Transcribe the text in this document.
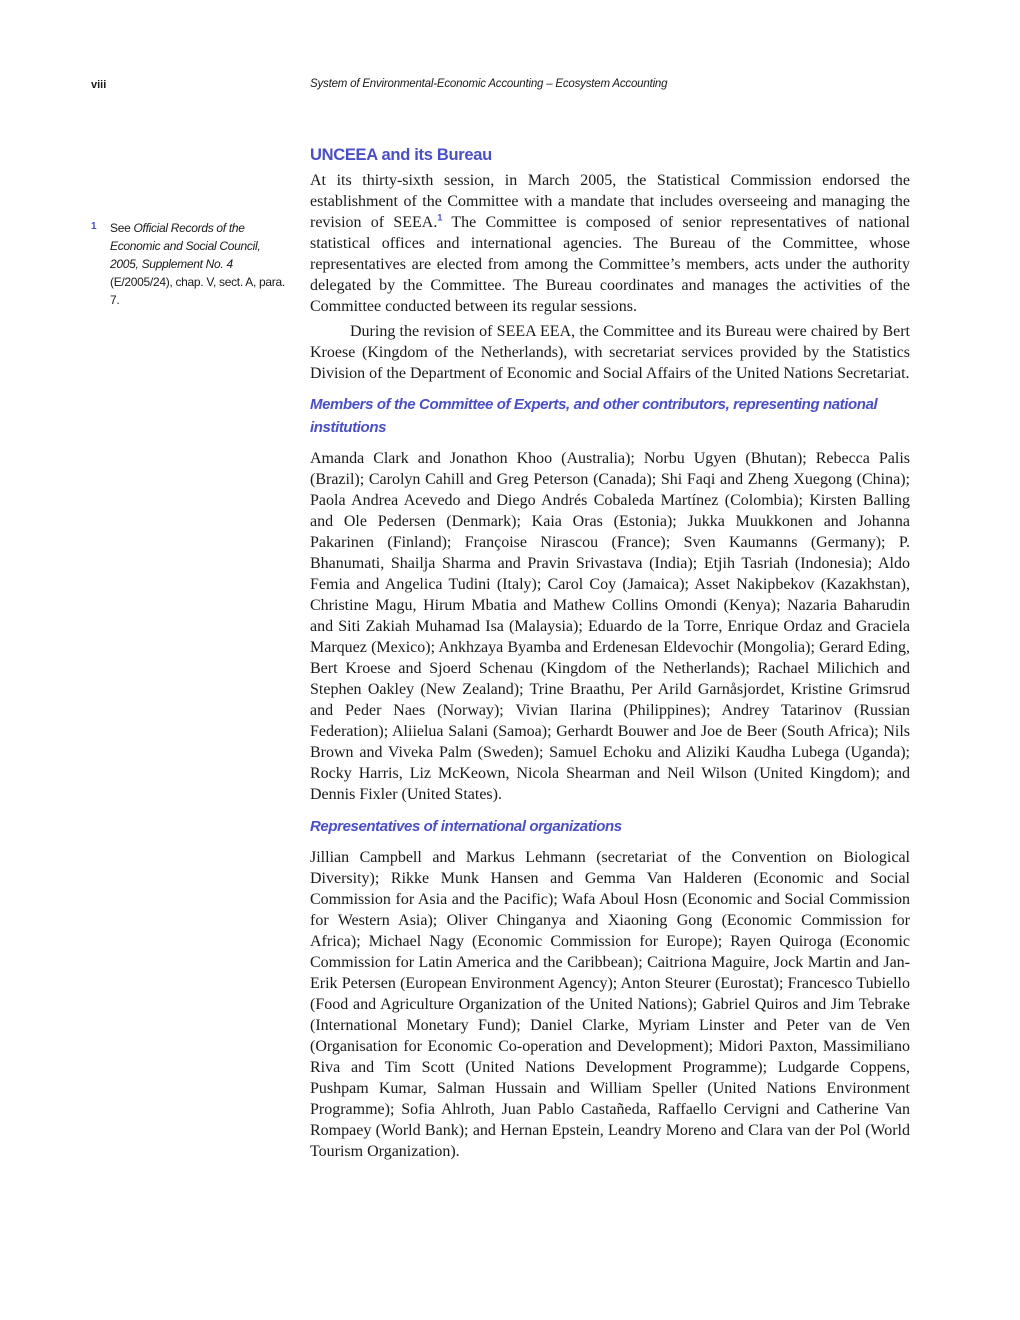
viii	System of Environmental-Economic Accounting – Ecosystem Accounting
1 See Official Records of the Economic and Social Council, 2005, Supplement No. 4 (E/2005/24), chap. V, sect. A, para. 7.
UNCEEA and its Bureau

At its thirty-sixth session, in March 2005, the Statistical Commission endorsed the establishment of the Committee with a mandate that includes overseeing and managing the revision of SEEA.$^1$ The Committee is composed of senior representatives of national statistical offices and international agencies. The Bureau of the Committee, whose representatives are elected from among the Committee’s members, acts under the authority delegated by the Committee. The Bureau coordinates and manages the activities of the Committee conducted between its regular sessions.

During the revision of SEEA EEA, the Committee and its Bureau were chaired by Bert Kroese (Kingdom of the Netherlands), with secretariat services provided by the Statistics Division of the Department of Economic and Social Affairs of the United Nations Secretariat.

Members of the Committee of Experts, and other contributors, representing national institutions

Amanda Clark and Jonathon Khoo (Australia); Norbu Ugyen (Bhutan); Rebecca Palis (Brazil); Carolyn Cahill and Greg Peterson (Canada); Shi Faqi and Zheng Xuegong (China); Paola Andrea Acevedo and Diego Andrés Cobaleda Martínez (Colombia); Kirsten Balling and Ole Pedersen (Denmark); Kaia Oras (Estonia); Jukka Muukkonen and Johanna Pakarinen (Finland); Françoise Nirascou (France); Sven Kaumanns (Germany); P. Bhanumati, Shailja Sharma and Pravin Srivastava (India); Etjih Tasriah (Indonesia); Aldo Femia and Angelica Tudini (Italy); Carol Coy (Jamaica); Asset Nakipbekov (Kazakhstan), Christine Magu, Hirum Mbatia and Mathew Collins Omondi (Kenya); Nazaria Baharudin and Siti Zakiah Muhamad Isa (Malaysia); Eduardo de la Torre, Enrique Ordaz and Graciela Marquez (Mexico); Ankhzaya Byamba and Erdenesan Eldevochir (Mongolia); Gerard Eding, Bert Kroese and Sjoerd Schenau (Kingdom of the Netherlands); Rachael Milichich and Stephen Oakley (New Zealand); Trine Braathu, Per Arild Garnåsjordet, Kristine Grimsrud and Peder Naes (Norway); Vivian Ilarina (Philippines); Andrey Tatarinov (Russian Federation); Aliielua Salani (Samoa); Gerhardt Bouwer and Joe de Beer (South Africa); Nils Brown and Viveka Palm (Sweden); Samuel Echoku and Aliziki Kaudha Lubega (Uganda); Rocky Harris, Liz McKeown, Nicola Shearman and Neil Wilson (United Kingdom); and Dennis Fixler (United States).

Representatives of international organizations

Jillian Campbell and Markus Lehmann (secretariat of the Convention on Biological Diversity); Rikke Munk Hansen and Gemma Van Halderen (Economic and Social Commission for Asia and the Pacific); Wafa Aboul Hosn (Economic and Social Commission for Western Asia); Oliver Chinganya and Xiaoning Gong (Economic Commission for Africa); Michael Nagy (Economic Commission for Europe); Rayen Quiroga (Economic Commission for Latin America and the Caribbean); Caitriona Maguire, Jock Martin and Jan-Erik Petersen (European Environment Agency); Anton Steurer (Eurostat); Francesco Tubiello (Food and Agriculture Organization of the United Nations); Gabriel Quiros and Jim Tebrake (International Monetary Fund); Daniel Clarke, Myriam Linster and Peter van de Ven (Organisation for Economic Co-operation and Development); Midori Paxton, Massimiliano Riva and Tim Scott (United Nations Development Programme); Ludgarde Coppens, Pushpam Kumar, Salman Hussain and William Speller (United Nations Environment Programme); Sofia Ahlroth, Juan Pablo Castañeda, Raffaello Cervigni and Catherine Van Rompaey (World Bank); and Hernan Epstein, Leandry Moreno and Clara van der Pol (World Tourism Organization).
